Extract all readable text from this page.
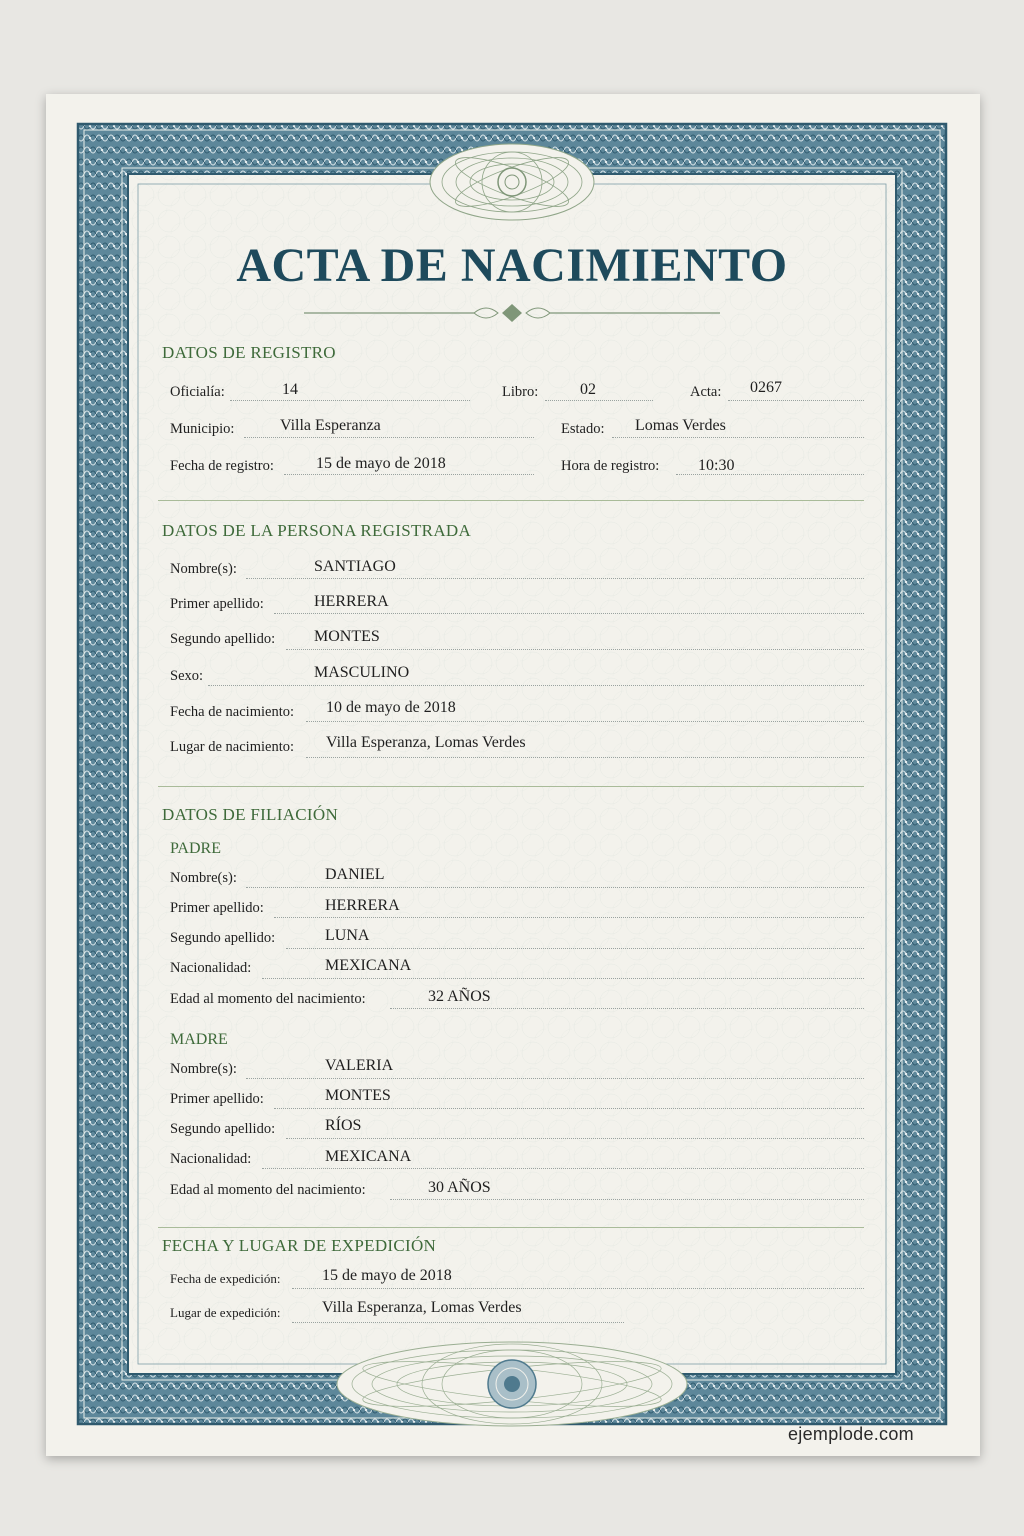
ACTA DE NACIMIENTO
DATOS DE REGISTRO
Oficialía:	14	Libro:	02	Acta: 0267
Municipio:	Villa Esperanza	Estado: Lomas Verdes
Fecha de registro:	15 de mayo de 2018	Hora de registro: 10:30
DATOS DE LA PERSONA REGISTRADA
Nombre(s):	SANTIAGO
Primer apellido:	HERRERA
Segundo apellido: MONTES
Sexo:	MASCULINO
Fecha de nacimiento: 10 de mayo de 2018
Lugar de nacimiento: Villa Esperanza, Lomas Verdes
DATOS DE FILIACIÓN
PADRE
Nombre(s):	DANIEL
Primer apellido:	HERRERA
Segundo apellido:	LUNA
Nacionalidad:	MEXICANA
Edad al momento del nacimiento:	32 AÑOS
MADRE
Nombre(s):	VALERIA
Primer apellido:	MONTES
Segundo apellido:	RÍOS
Nacionalidad:	MEXICANA
Edad al momento del nacimiento:	30 AÑOS
FECHA Y LUGAR DE EXPEDICIÓN
Fecha de expedición:	15 de mayo de 2018
Lugar de expedición:	Villa Esperanza, Lomas Verdes
ejemplode.com
